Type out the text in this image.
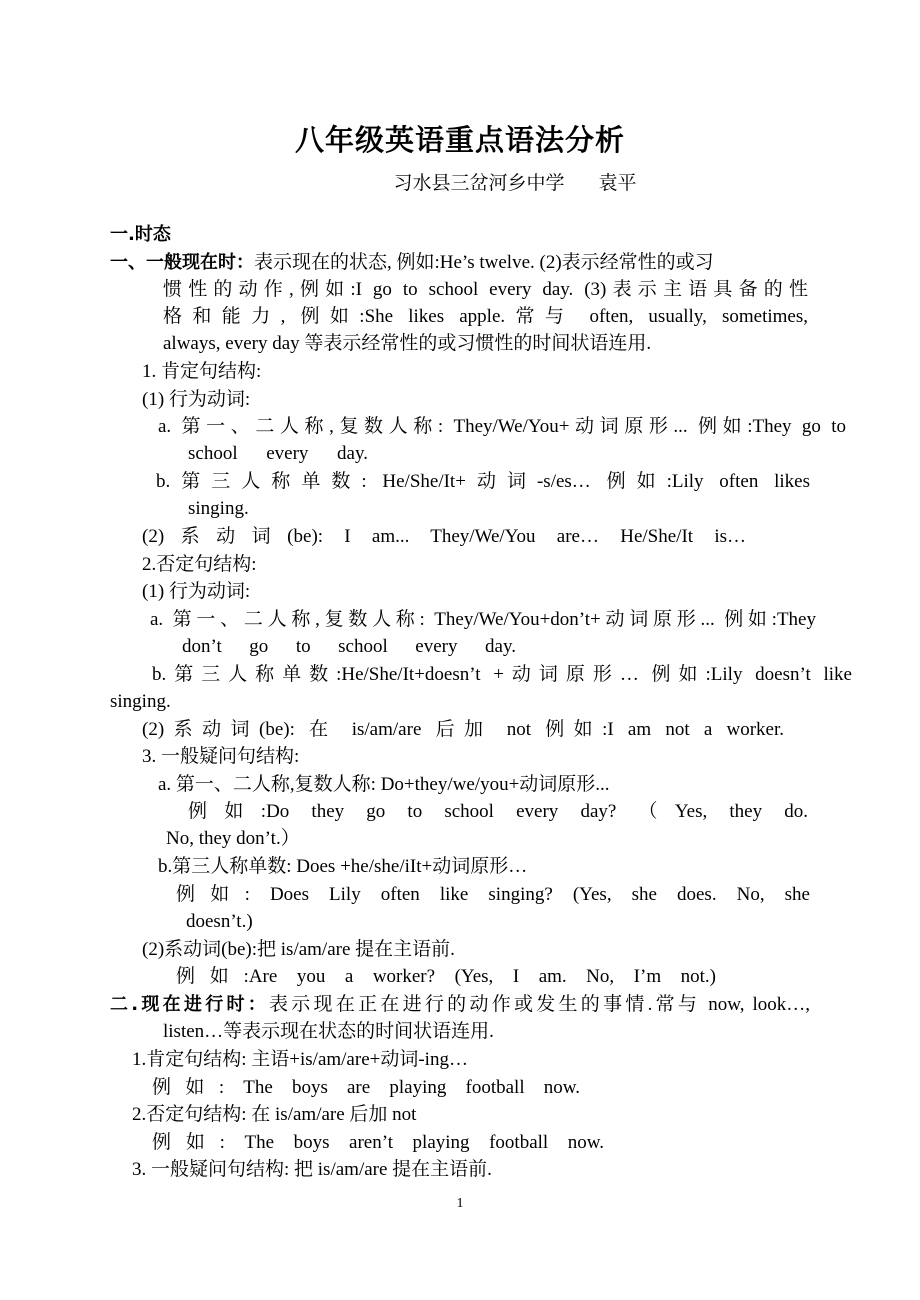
八年级英语重点语法分析
习水县三岔河乡中学 袁平
一.时态
一、一般现在时：表示现在的状态, 例如:He’s twelve. (2)表示经常性的或习
惯性的动作,例如:I go to school every day. (3)表示主语具备的性
格和能力, 例如:She likes apple.常与 often, usually, sometimes,
always, every day 等表示经常性的或习惯性的时间状语连用.
1. 肯定句结构:
(1) 行为动词:
a. 第一、二人称,复数人称: They/We/You+动词原形... 例如:They go to
school every day.
b.第三人称单数: He/She/It+动词-s/es… 例如:Lily often likes
singing.
(2)系动词(be): I am... They/We/You are… He/She/It is…
2.否定句结构:
(1) 行为动词:
a. 第一、二人称,复数人称: They/We/You+don’t+动词原形... 例如:They
don’t go to school every day.
b.第三人称单数:He/She/It+doesn’t +动词原形… 例如:Lily doesn’t like
singing.
(2)系动词(be): 在 is/am/are 后加 not 例如:I am not a worker.
3. 一般疑问句结构:
a. 第一、二人称,复数人称: Do+they/we/you+动词原形...
例如:Do they go to school every day? （Yes, they do.
No, they don’t.）
b.第三人称单数: Does +he/she/iIt+动词原形…
例如: Does Lily often like singing? (Yes, she does. No, she
doesn’t.)
(2)系动词(be):把 is/am/are 提在主语前.
例如:Are you a worker? (Yes, I am. No, I’m not.)
二.现在进行时：表示现在正在进行的动作或发生的事情.常与 now, look…,
listen…等表示现在状态的时间状语连用.
1.肯定句结构: 主语+is/am/are+动词-ing…
例如: The boys are playing football now.
2.否定句结构: 在 is/am/are 后加 not
例如: The boys aren’t playing football now.
3. 一般疑问句结构: 把 is/am/are 提在主语前.
1
